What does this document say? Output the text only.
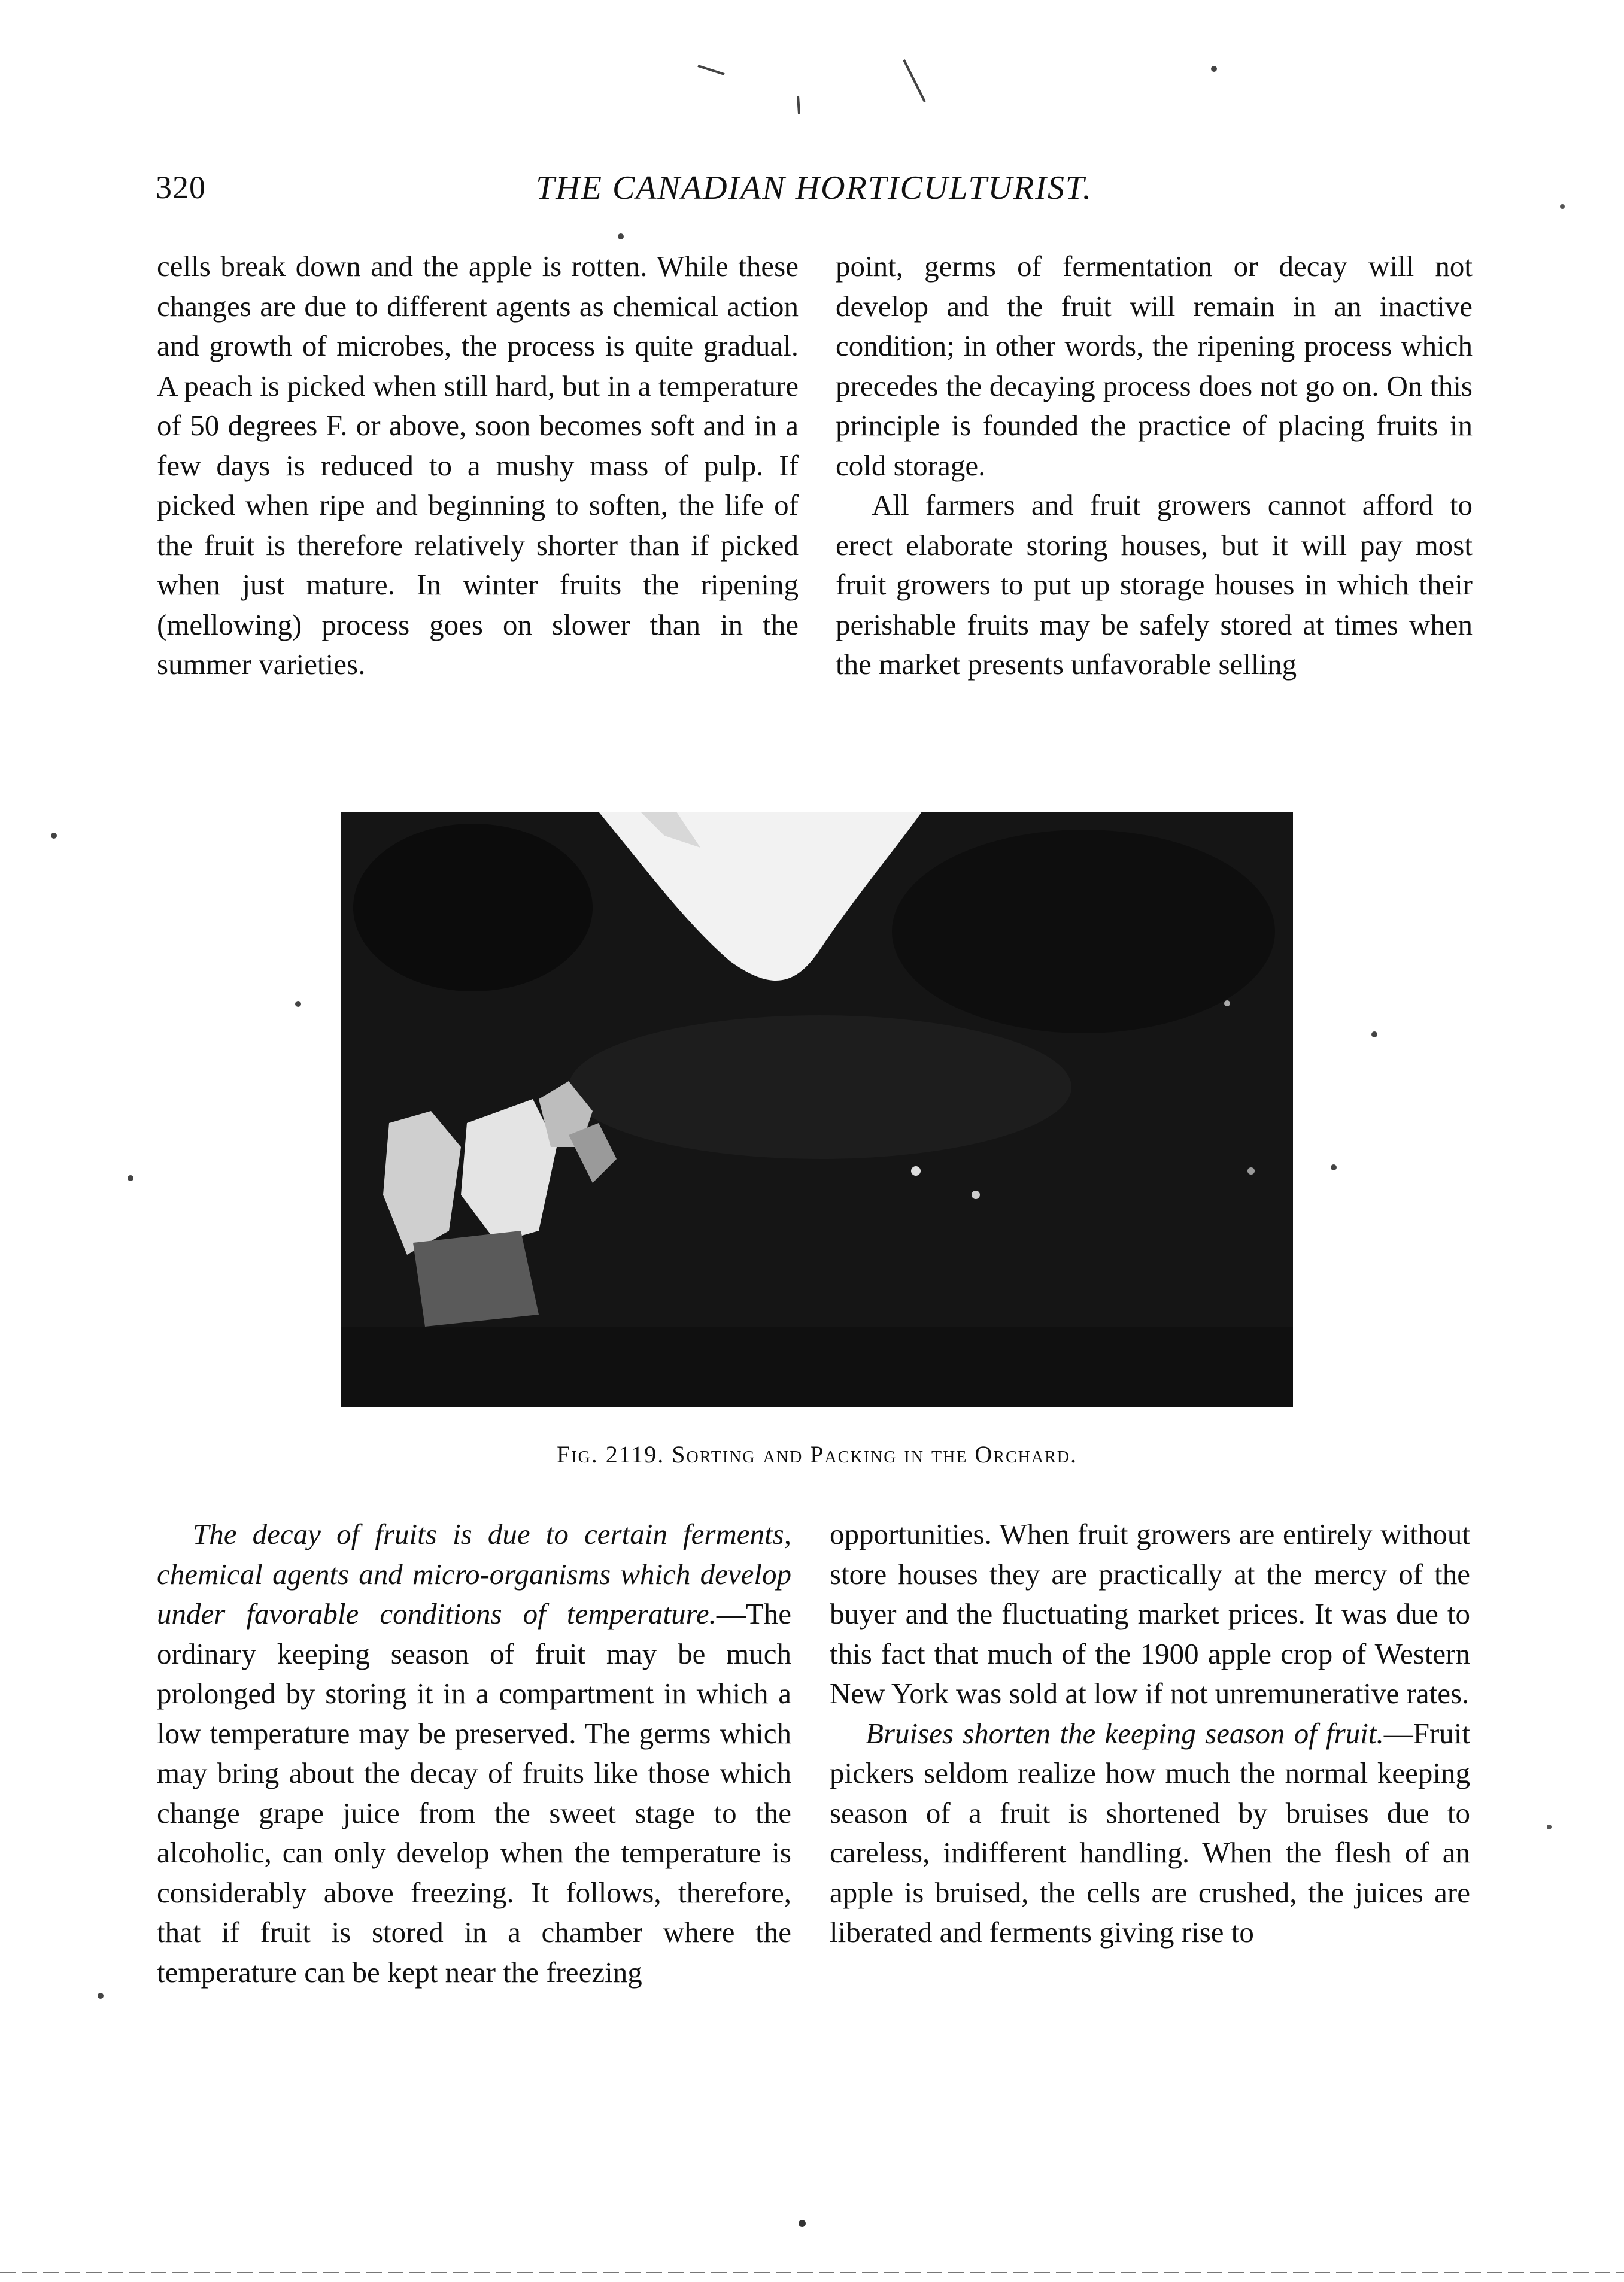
320	THE CANADIAN HORTICULTURIST.

cells break down and the apple is rotten. While these changes are due to different agents as chemical action and growth of microbes, the process is quite gradual. A peach is picked when still hard, but in a temperature of 50 degrees F. or above, soon becomes soft and in a few days is reduced to a mushy mass of pulp. If picked when ripe and beginning to soften, the life of the fruit is therefore relatively shorter than if picked when just mature. In winter fruits the ripening (mellowing) process goes on slower than in the summer varieties.

point, germs of fermentation or decay will not develop and the fruit will remain in an inactive condition; in other words, the ripening process which precedes the decaying process does not go on. On this principle is founded the practice of placing fruits in cold storage.

All farmers and fruit growers cannot afford to erect elaborate storing houses, but it will pay most fruit growers to put up storage houses in which their perishable fruits may be safely stored at times when the market presents unfavorable selling

Fig. 2119. Sorting and Packing in the Orchard.

The decay of fruits is due to certain ferments, chemical agents and micro-organisms which develop under favorable conditions of temperature.—The ordinary keeping season of fruit may be much prolonged by storing it in a compartment in which a low temperature may be preserved. The germs which may bring about the decay of fruits like those which change grape juice from the sweet stage to the alcoholic, can only develop when the temperature is considerably above freezing. It follows, therefore, that if fruit is stored in a chamber where the temperature can be kept near the freezing

opportunities. When fruit growers are entirely without store houses they are practically at the mercy of the buyer and the fluctuating market prices. It was due to this fact that much of the 1900 apple crop of Western New York was sold at low if not unremunerative rates.

Bruises shorten the keeping season of fruit.—Fruit pickers seldom realize how much the normal keeping season of a fruit is shortened by bruises due to careless, indifferent handling. When the flesh of an apple is bruised, the cells are crushed, the juices are liberated and ferments giving rise to
